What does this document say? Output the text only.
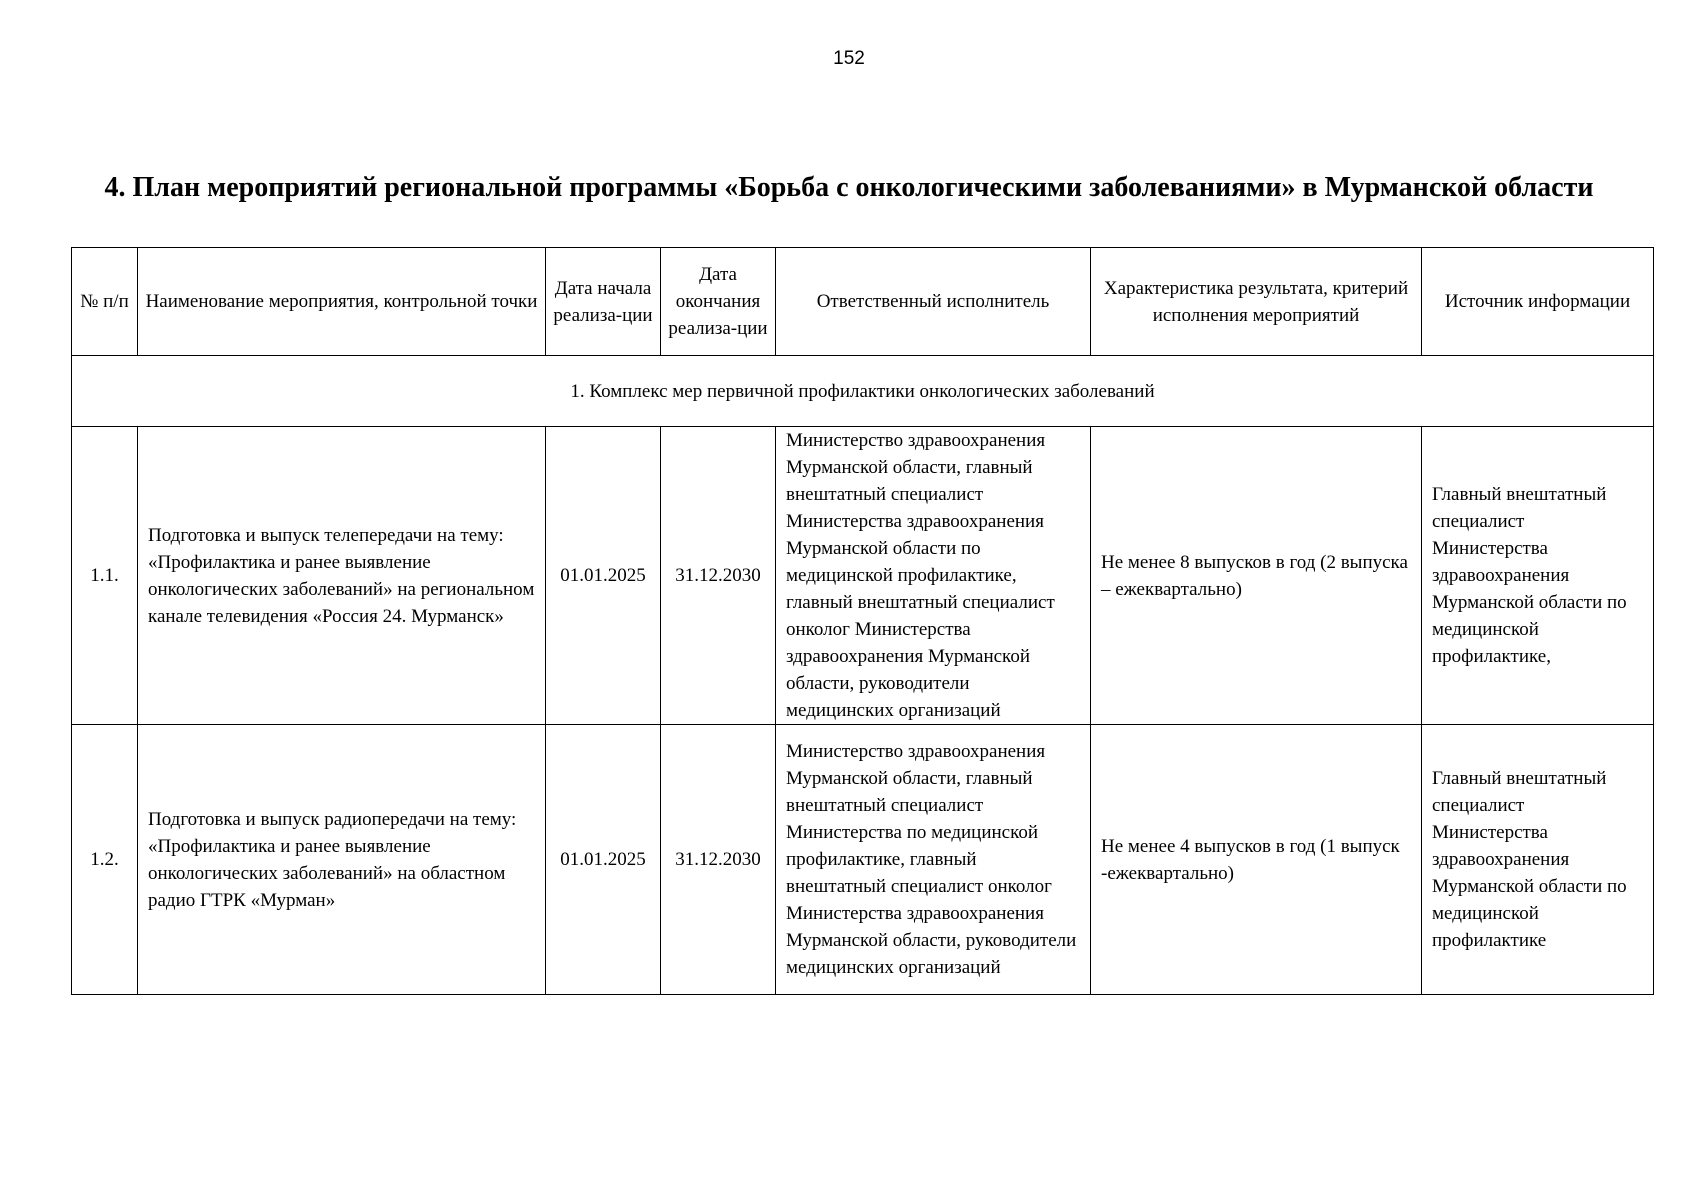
152
4. План мероприятий региональной программы «Борьба с онкологическими заболеваниями» в Мурманской области
№ п/п	Наименование мероприятия, контрольной точки	Дата начала реализа-ции	Дата окончания реализа-ции	Ответственный исполнитель	Характеристика результата, критерий исполнения мероприятий	Источник информации
1. Комплекс мер первичной профилактики онкологических заболеваний						
1.1.	Подготовка и выпуск телепередачи на тему: «Профилактика и ранее выявление онкологических заболеваний» на региональном канале телевидения «Россия 24. Мурманск»	01.01.2025	31.12.2030	Министерство здравоохранения Мурманской области, главный внештатный специалист Министерства здравоохранения Мурманской области по медицинской профилактике, главный внештатный специалист онколог Министерства здравоохранения Мурманской области, руководители медицинских организаций	Не менее 8 выпусков в год (2 выпуска – ежеквартально)	Главный внештатный специалист Министерства здравоохранения Мурманской области по медицинской профилактике,
1.2.	Подготовка и выпуск радиопередачи на тему: «Профилактика и ранее выявление онкологических заболеваний» на областном радио ГТРК «Мурман»	01.01.2025	31.12.2030	Министерство здравоохранения Мурманской области, главный внештатный специалист Министерства по медицинской профилактике, главный внештатный специалист онколог Министерства здравоохранения Мурманской области, руководители медицинских организаций	Не менее 4 выпусков в год (1 выпуск -ежеквартально)	Главный внештатный специалист Министерства здравоохранения Мурманской области по медицинской профилактике
